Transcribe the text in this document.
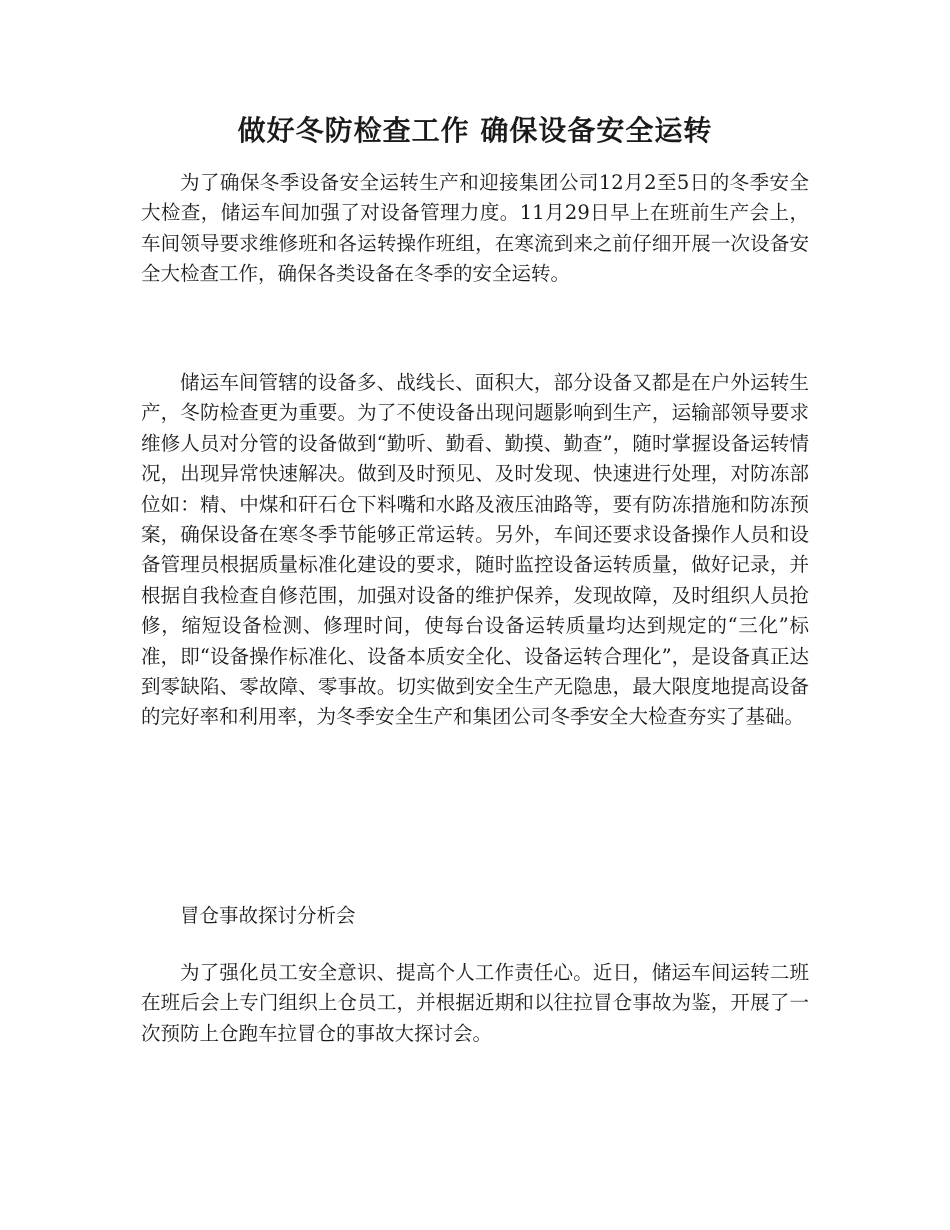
做好冬防检查工作 确保设备安全运转

为了确保冬季设备安全运转生产和迎接集团公司12月2至5日的冬季安全大检查，储运车间加强了对设备管理力度。11月29日早上在班前生产会上，车间领导要求维修班和各运转操作班组，在寒流到来之前仔细开展一次设备安全大检查工作，确保各类设备在冬季的安全运转。

储运车间管辖的设备多、战线长、面积大，部分设备又都是在户外运转生产，冬防检查更为重要。为了不使设备出现问题影响到生产，运输部领导要求维修人员对分管的设备做到“勤听、勤看、勤摸、勤查”，随时掌握设备运转情况，出现异常快速解决。做到及时预见、及时发现、快速进行处理，对防冻部位如：精、中煤和矸石仓下料嘴和水路及液压油路等，要有防冻措施和防冻预案，确保设备在寒冬季节能够正常运转。另外，车间还要求设备操作人员和设备管理员根据质量标准化建设的要求，随时监控设备运转质量，做好记录，并根据自我检查自修范围，加强对设备的维护保养，发现故障，及时组织人员抢修，缩短设备检测、修理时间，使每台设备运转质量均达到规定的“三化”标准，即“设备操作标准化、设备本质安全化、设备运转合理化”，是设备真正达到零缺陷、零故障、零事故。切实做到安全生产无隐患，最大限度地提高设备的完好率和利用率，为冬季安全生产和集团公司冬季安全大检查夯实了基础。

冒仓事故探讨分析会

为了强化员工安全意识、提高个人工作责任心。近日，储运车间运转二班在班后会上专门组织上仓员工，并根据近期和以往拉冒仓事故为鉴，开展了一次预防上仓跑车拉冒仓的事故大探讨会。
